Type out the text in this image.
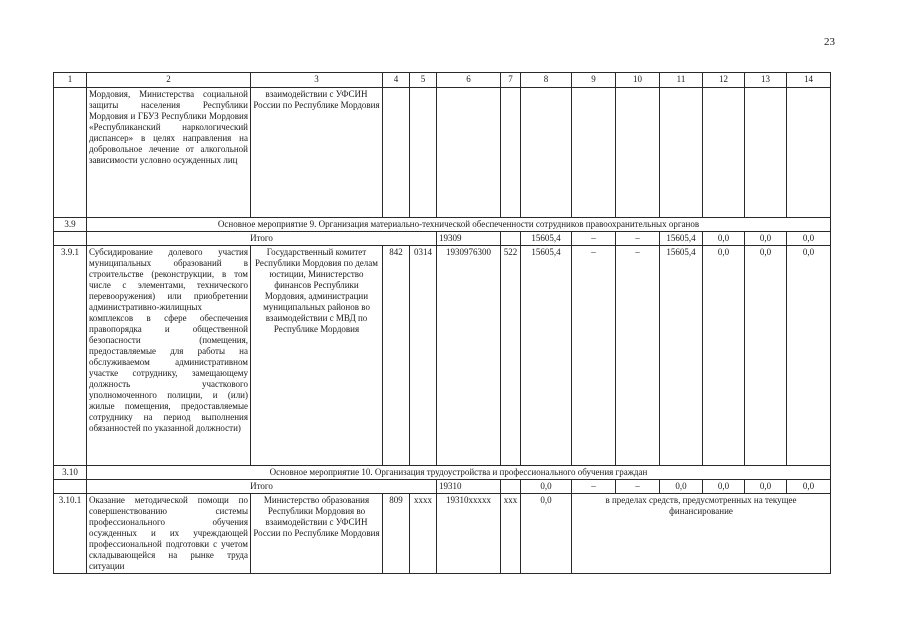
23
1	2	3	4	5	6	7	8	9	10	11	12	13	14
	Мордовия, Министерства социальной защиты населения Республики Мордовия и ГБУЗ Республики Мордовия «Республиканский наркологический диспансер» в целях направления на добровольное лечение от алкогольной зависимости условно осужденных лиц	взаимодействии с УФСИН России по Республике Мордовия											
3.9	Основное мероприятие 9. Организация материально-технической обеспеченности сотрудников правоохранительных органов												
	Итого				19309		15605,4	–	–	15605,4	0,0	0,0	0,0
3.9.1	Субсидирование долевого участия муниципальных образований в строительстве (реконструкции, в том числе с элементами, технического перевооружения) или приобретении административно-жилищных комплексов в сфере обеспечения правопорядка и общественной безопасности (помещения, предоставляемые для работы на обслуживаемом административном участке сотруднику, замещающему должность участкового уполномоченного полиции, и (или) жилые помещения, предоставляемые сотруднику на период выполнения обязанностей по указанной должности)	Государственный комитет Республики Мордовия по делам юстиции, Министерство финансов Республики Мордовия, администрации муниципальных районов во взаимодействии с МВД по Республике Мордовия	842	0314	1930976300	522	15605,4	–	–	15605,4	0,0	0,0	0,0
3.10	Основное мероприятие 10. Организация трудоустройства и профессионального обучения граждан												
	Итого				19310		0,0	–	–	0,0	0,0	0,0	0,0
3.10.1	Оказание методической помощи по совершенствованию системы профессионального обучения осужденных и их учреждающей профессиональной подготовки с учетом складывающейся на рынке труда ситуации	Министерство образования Республики Мордовия во взаимодействии с УФСИН России по Республике Мордовия	809	xxxx	19310xxxxx	xxx	0,0	в пределах средств, предусмотренных на текущее финансирование					
